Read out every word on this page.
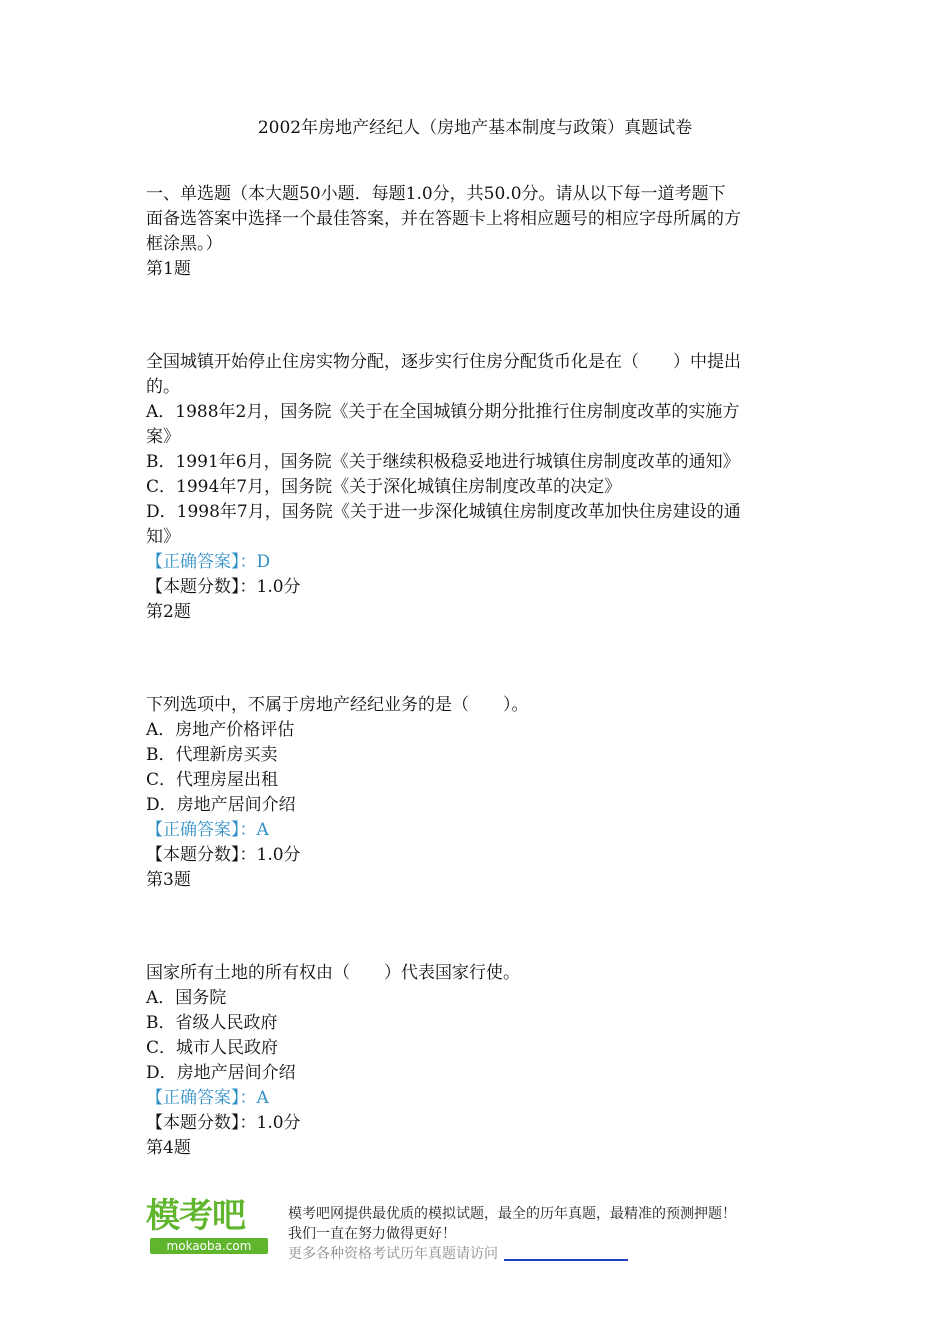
2002年房地产经纪人（房地产基本制度与政策）真题试卷

一、单选题（本大题50小题．每题1.0分，共50.0分。请从以下每一道考题下

面备选答案中选择一个最佳答案，并在答题卡上将相应题号的相应字母所属的方

框涂黑。）

第1题

全国城镇开始停止住房实物分配，逐步实行住房分配货币化是在（　　）中提出

的。

A．1988年2月，国务院《关于在全国城镇分期分批推行住房制度改革的实施方

案》

B．1991年6月，国务院《关于继续积极稳妥地进行城镇住房制度改革的通知》

C．1994年7月，国务院《关于深化城镇住房制度改革的决定》

D．1998年7月，国务院《关于进一步深化城镇住房制度改革加快住房建设的通

知》

【正确答案】：D

【本题分数】：1.0分

第2题

下列选项中，不属于房地产经纪业务的是（　　）。

A．房地产价格评估

B．代理新房买卖

C．代理房屋出租

D．房地产居间介绍

【正确答案】：A

【本题分数】：1.0分

第3题

国家所有土地的所有权由（　　）代表国家行使。

A．国务院

B．省级人民政府

C．城市人民政府

D．房地产居间介绍

【正确答案】：A

【本题分数】：1.0分

第4题

模考吧
mokaoba.com
模考吧网提供最优质的模拟试题，最全的历年真题，最精准的预测押题！
我们一直在努力做得更好！
更多各种资格考试历年真题请访问
